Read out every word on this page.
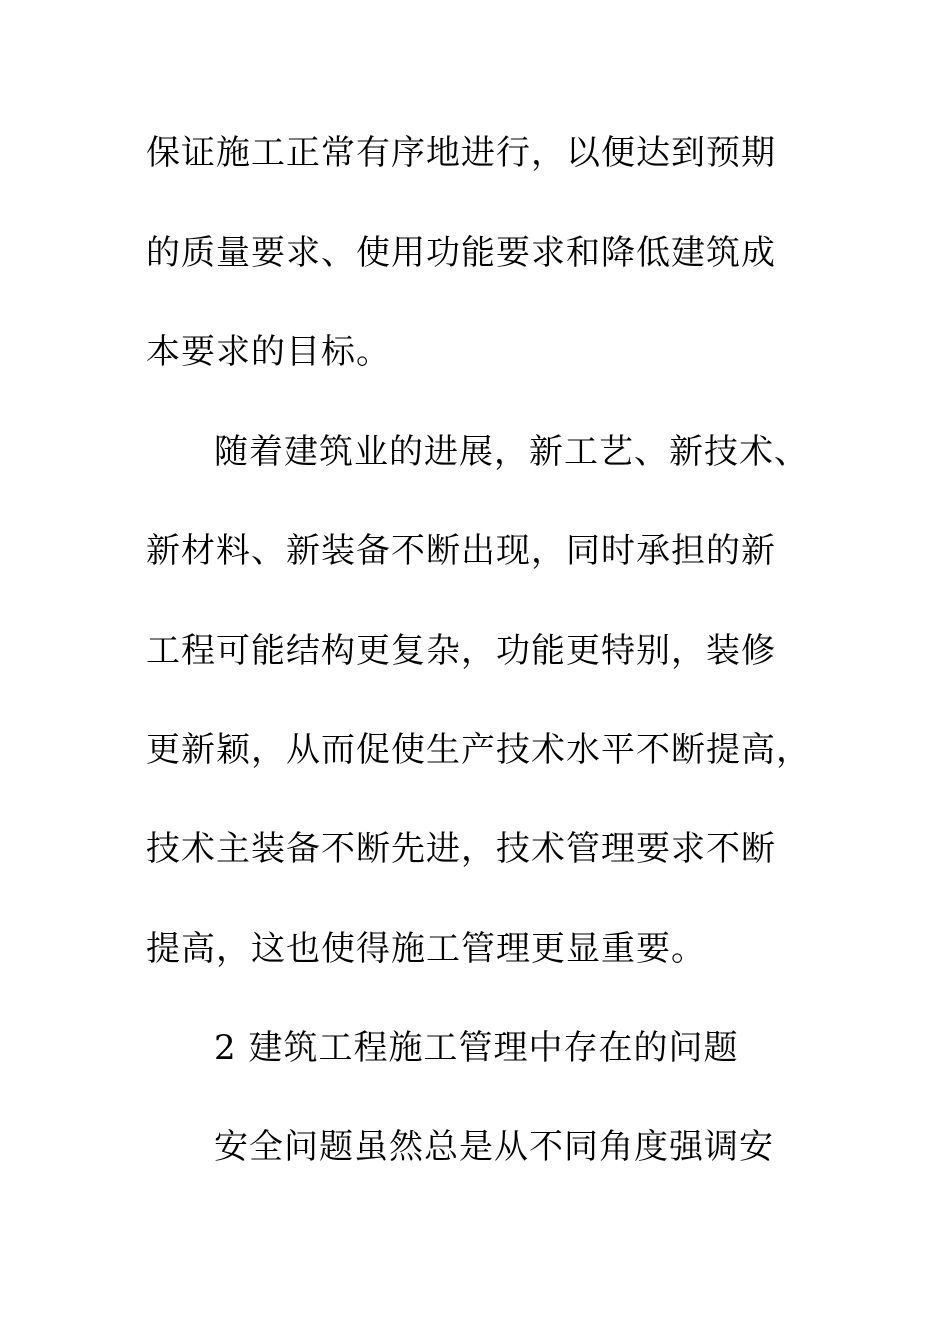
保证施工正常有序地进行，以便达到预期
的质量要求、使用功能要求和降低建筑成
本要求的目标。
随着建筑业的进展，新工艺、新技术、
新材料、新装备不断出现，同时承担的新
工程可能结构更复杂，功能更特别，装修
更新颖，从而促使生产技术水平不断提高，
技术主装备不断先进，技术管理要求不断
提高，这也使得施工管理更显重要。
2 建筑工程施工管理中存在的问题
安全问题虽然总是从不同角度强调安
